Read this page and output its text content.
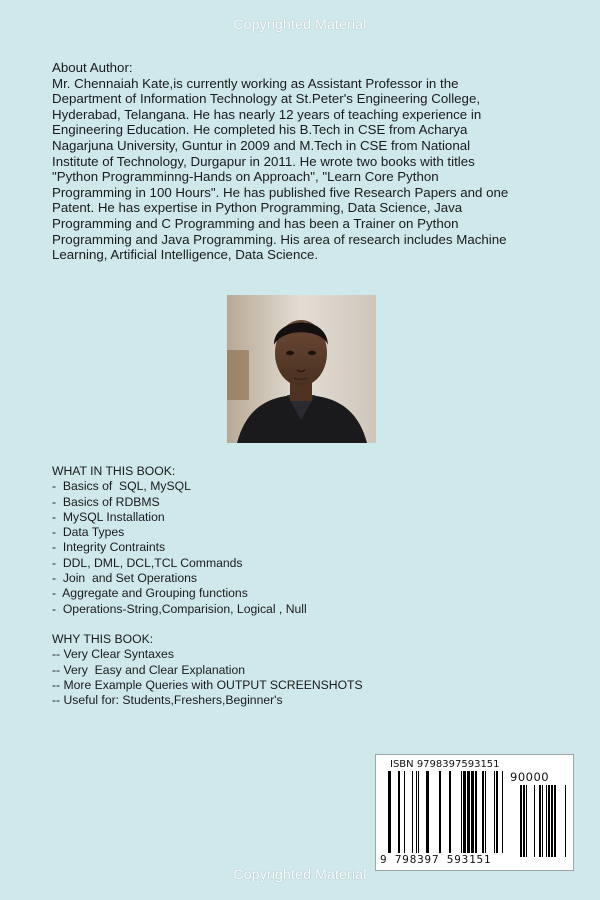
Copyrighted Material

About Author:

Mr. Chennaiah Kate,is currently working as Assistant Professor in the
Department of Information Technology at St.Peter's Engineering College,
Hyderabad, Telangana. He has nearly 12 years of teaching experience in
Engineering Education. He completed his B.Tech in CSE from Acharya
Nagarjuna University, Guntur in 2009 and M.Tech in CSE from National
Institute of Technology, Durgapur in 2011. He wrote two books with titles
"Python Programminng-Hands on Approach", "Learn Core Python
Programming in 100 Hours". He has published five Research Papers and one
Patent. He has expertise in Python Programming, Data Science, Java
Programming and C Programming and has been a Trainer on Python
Programming and Java Programming. His area of research includes Machine
Learning, Artificial Intelligence, Data Science.

WHAT IN THIS BOOK:
-  Basics of  SQL, MySQL
-  Basics of RDBMS
-  MySQL Installation
-  Data Types
-  Integrity Contraints
-  DDL, DML, DCL,TCL Commands
-  Join  and Set Operations
-  Aggregate and Grouping functions
-  Operations-String,Comparision, Logical , Null
WHY THIS BOOK:
-- Very Clear Syntaxes
-- Very  Easy and Clear Explanation
-- More Example Queries with OUTPUT SCREENSHOTS
-- Useful for: Students,Freshers,Beginner's
ISBN 9798397593151
90000
9 798397 593151
Copyrighted Material
